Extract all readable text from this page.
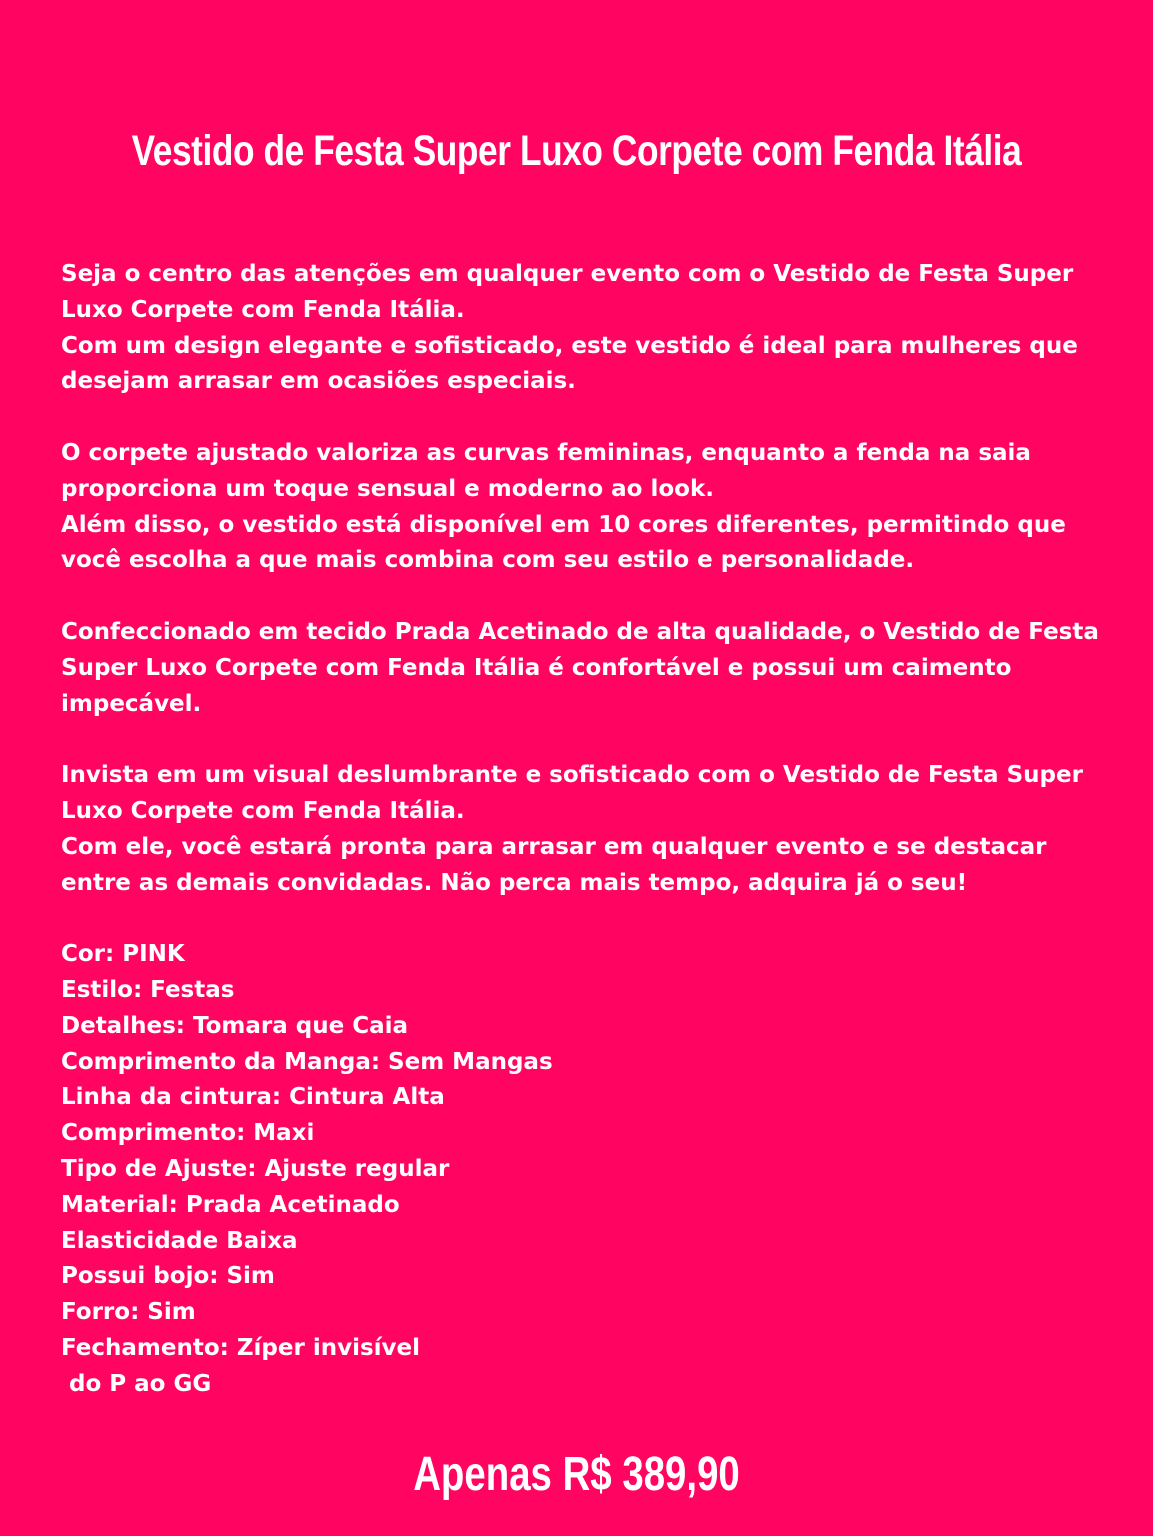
Vestido de Festa Super Luxo Corpete com Fenda Itália

Seja o centro das atenções em qualquer evento com o Vestido de Festa Super Luxo Corpete com Fenda Itália.

Com um design elegante e sofisticado, este vestido é ideal para mulheres que desejam arrasar em ocasiões especiais.

O corpete ajustado valoriza as curvas femininas, enquanto a fenda na saia proporciona um toque sensual e moderno ao look.

Além disso, o vestido está disponível em 10 cores diferentes, permitindo que você escolha a que mais combina com seu estilo e personalidade.

Confeccionado em tecido Prada Acetinado de alta qualidade, o Vestido de Festa Super Luxo Corpete com Fenda Itália é confortável e possui um caimento impecável.

Invista em um visual deslumbrante e sofisticado com o Vestido de Festa Super Luxo Corpete com Fenda Itália.

Com ele, você estará pronta para arrasar em qualquer evento e se destacar entre as demais convidadas. Não perca mais tempo, adquira já o seu!

Cor: PINK
Estilo: Festas
Detalhes: Tomara que Caia
Comprimento da Manga: Sem Mangas
Linha da cintura: Cintura Alta
Comprimento: Maxi
Tipo de Ajuste: Ajuste regular
Material: Prada Acetinado
Elasticidade Baixa
Possui bojo: Sim
Forro: Sim
Fechamento: Zíper invisível
do P ao GG
Apenas R$ 389,90
